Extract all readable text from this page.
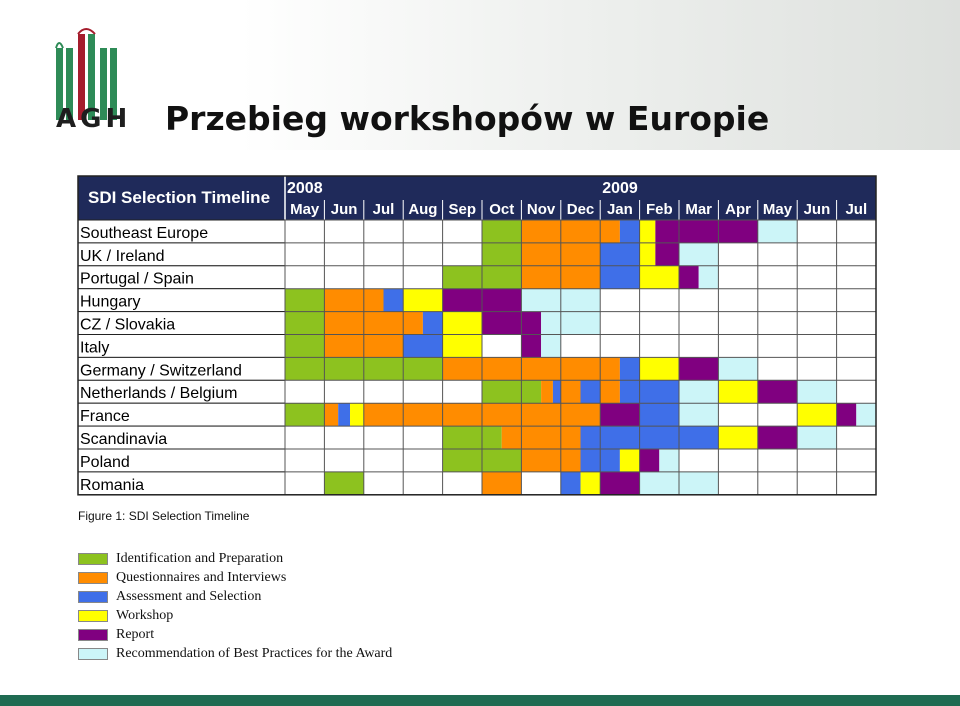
AGH Przebieg workshopów w Europie
SDI Selection Timeline 2008	2009
May Jun Jul Aug Sep Oct Nov Dec Jan Feb Mar Apr May Jun Jul
Southeast Europe
UK / Ireland
Portugal / Spain
Hungary
CZ / Slovakia
Italy
Germany / Switzerland
Netherlands / Belgium
France
Scandinavia
Poland
Romania
Figure 1: SDI Selection Timeline
Identification and Preparation
Questionnaires and Interviews
Assessment and Selection
Workshop
Report
Recommendation of Best Practices for the Award
